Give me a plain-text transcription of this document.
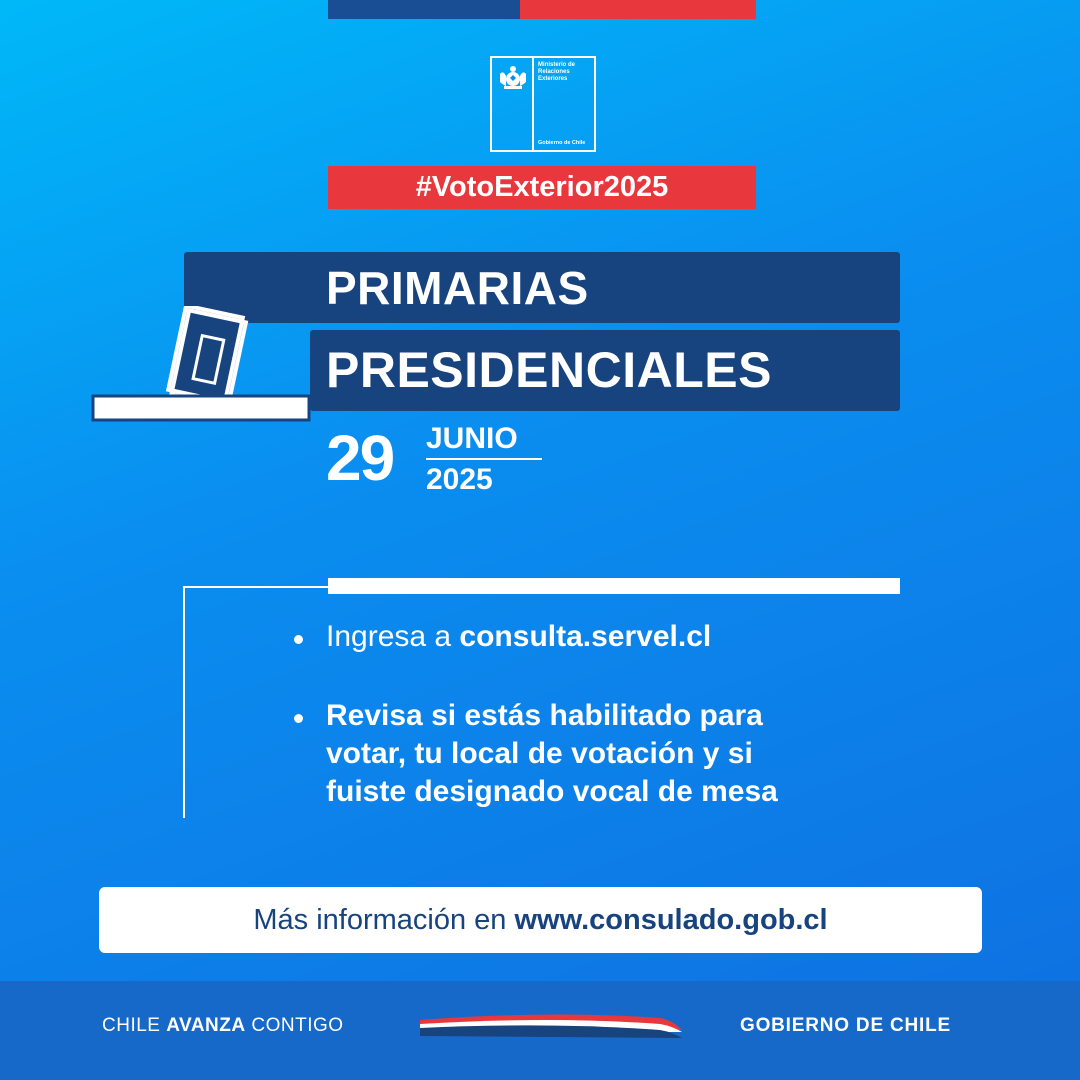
Ministerio de
Relaciones
Exteriores
Gobierno de Chile
#VotoExterior2025
PRIMARIAS
PRESIDENCIALES
29 JUNIO
2025
Ingresa a consulta.servel.cl
Revisa si estás habilitado para
votar, tu local de votación y si
fuiste designado vocal de mesa
Más información en www.consulado.gob.cl
CHILE AVANZA CONTIGO	GOBIERNO DE CHILE
